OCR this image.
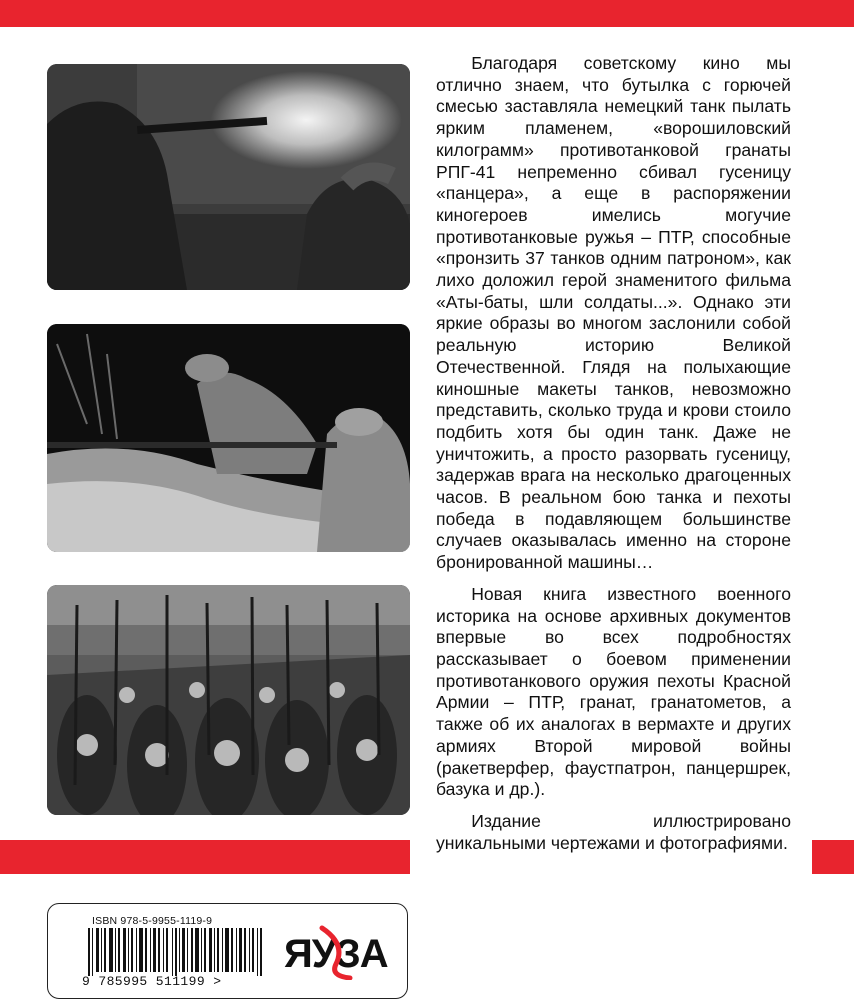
Благодаря советскому кино мы отлично знаем, что бутылка с горючей смесью заставляла немецкий танк пылать ярким пламенем, «ворошиловский килограмм» противотанковой гранаты РПГ-41 непременно сбивал гусеницу «панцера», а еще в распоряжении киногероев имелись могучие противотанковые ружья – ПТР, способные «пронзить 37 танков одним патроном», как лихо доложил герой знаменитого фильма «Аты-баты, шли солдаты...». Однако эти яркие образы во многом заслонили собой реальную историю Великой Отечественной. Глядя на полыхающие киношные макеты танков, невозможно представить, сколько труда и крови стоило подбить хотя бы один танк. Даже не уничтожить, а просто разорвать гусеницу, задержав врага на несколько драгоценных часов. В реальном бою танка и пехоты победа в подавляющем большинстве случаев оказывалась именно на стороне бронированной машины…

Новая книга известного военного историка на основе архивных документов впервые во всех подробностях рассказывает о боевом применении противотанкового оружия пехоты Красной Армии – ПТР, гранат, гранатометов, а также об их аналогах в вермахте и других армиях Второй мировой войны (ракетверфер, фаустпатрон, панцершрек, базука и др.).

Издание иллюстрировано уникальными чертежами и фотографиями.

ISBN 978-5-9955-1119-9
9 785995 511199 >
ЯУЗА
